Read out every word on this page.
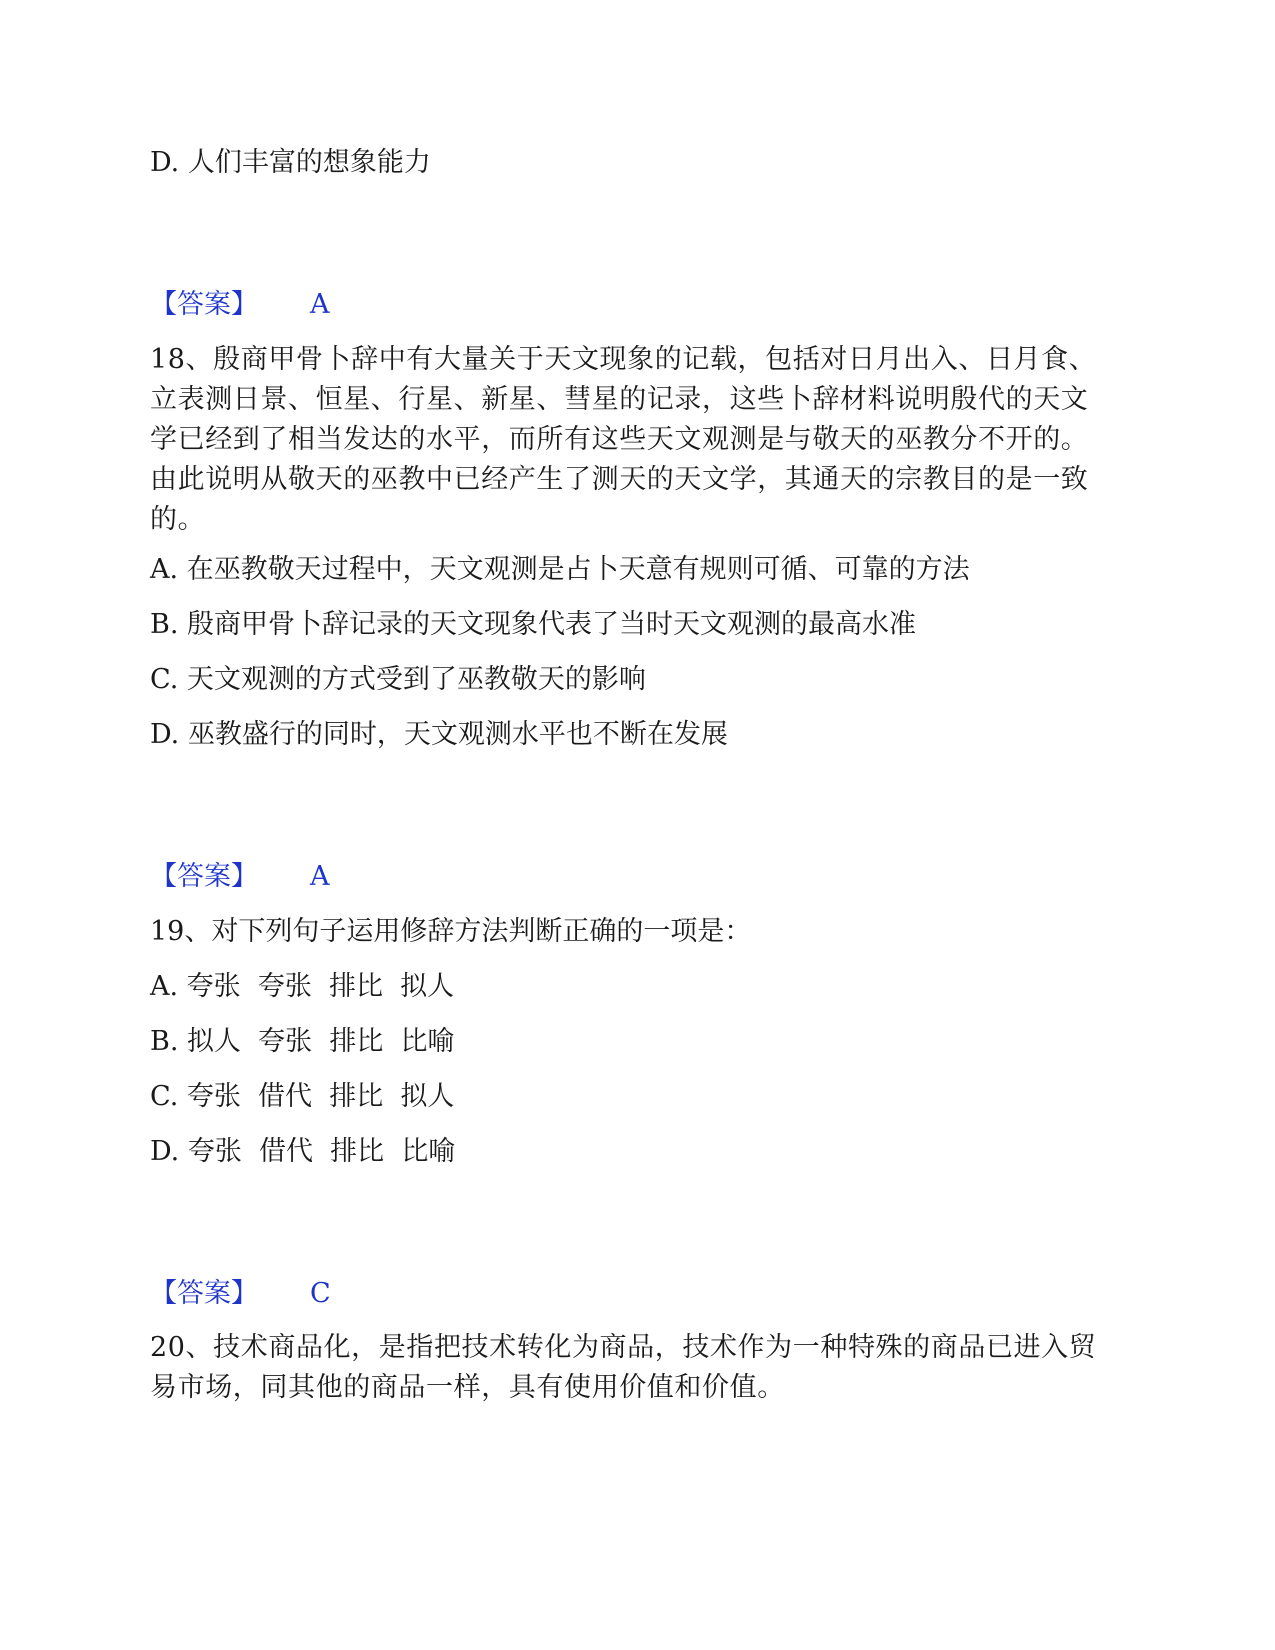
D. 人们丰富的想象能力
【答案】 A
18、殷商甲骨卜辞中有大量关于天文现象的记载，包括对日月出入、日月食、立表测日景、恒星、行星、新星、彗星的记录，这些卜辞材料说明殷代的天文学已经到了相当发达的水平，而所有这些天文观测是与敬天的巫教分不开的。由此说明从敬天的巫教中已经产生了测天的天文学，其通天的宗教目的是一致的。
A. 在巫教敬天过程中，天文观测是占卜天意有规则可循、可靠的方法
B. 殷商甲骨卜辞记录的天文现象代表了当时天文观测的最高水准
C. 天文观测的方式受到了巫教敬天的影响
D. 巫教盛行的同时，天文观测水平也不断在发展
【答案】 A
19、对下列句子运用修辞方法判断正确的一项是：
A. 夸张  夸张  排比  拟人
B. 拟人  夸张  排比  比喻
C. 夸张  借代  排比  拟人
D. 夸张  借代  排比  比喻
【答案】 C
20、技术商品化，是指把技术转化为商品，技术作为一种特殊的商品已进入贸易市场，同其他的商品一样，具有使用价值和价值。
